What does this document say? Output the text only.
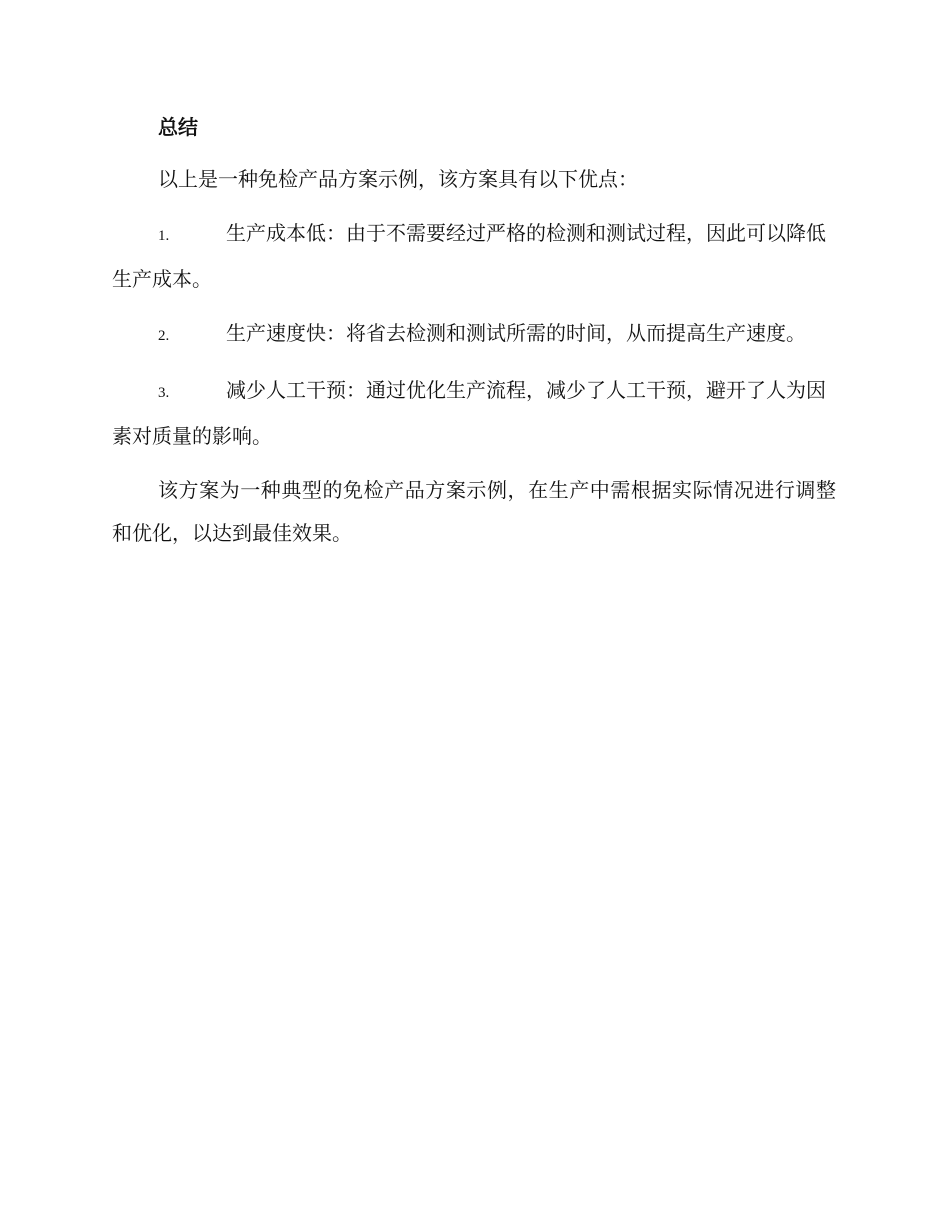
总结

以上是一种免检产品方案示例，该方案具有以下优点：

1.	生产成本低：由于不需要经过严格的检测和测试过程，因此可以降低生产成本。

2.	生产速度快：将省去检测和测试所需的时间，从而提高生产速度。

3.	减少人工干预：通过优化生产流程，减少了人工干预，避开了人为因素对质量的影响。

该方案为一种典型的免检产品方案示例，在生产中需根据实际情况进行调整和优化，以达到最佳效果。
